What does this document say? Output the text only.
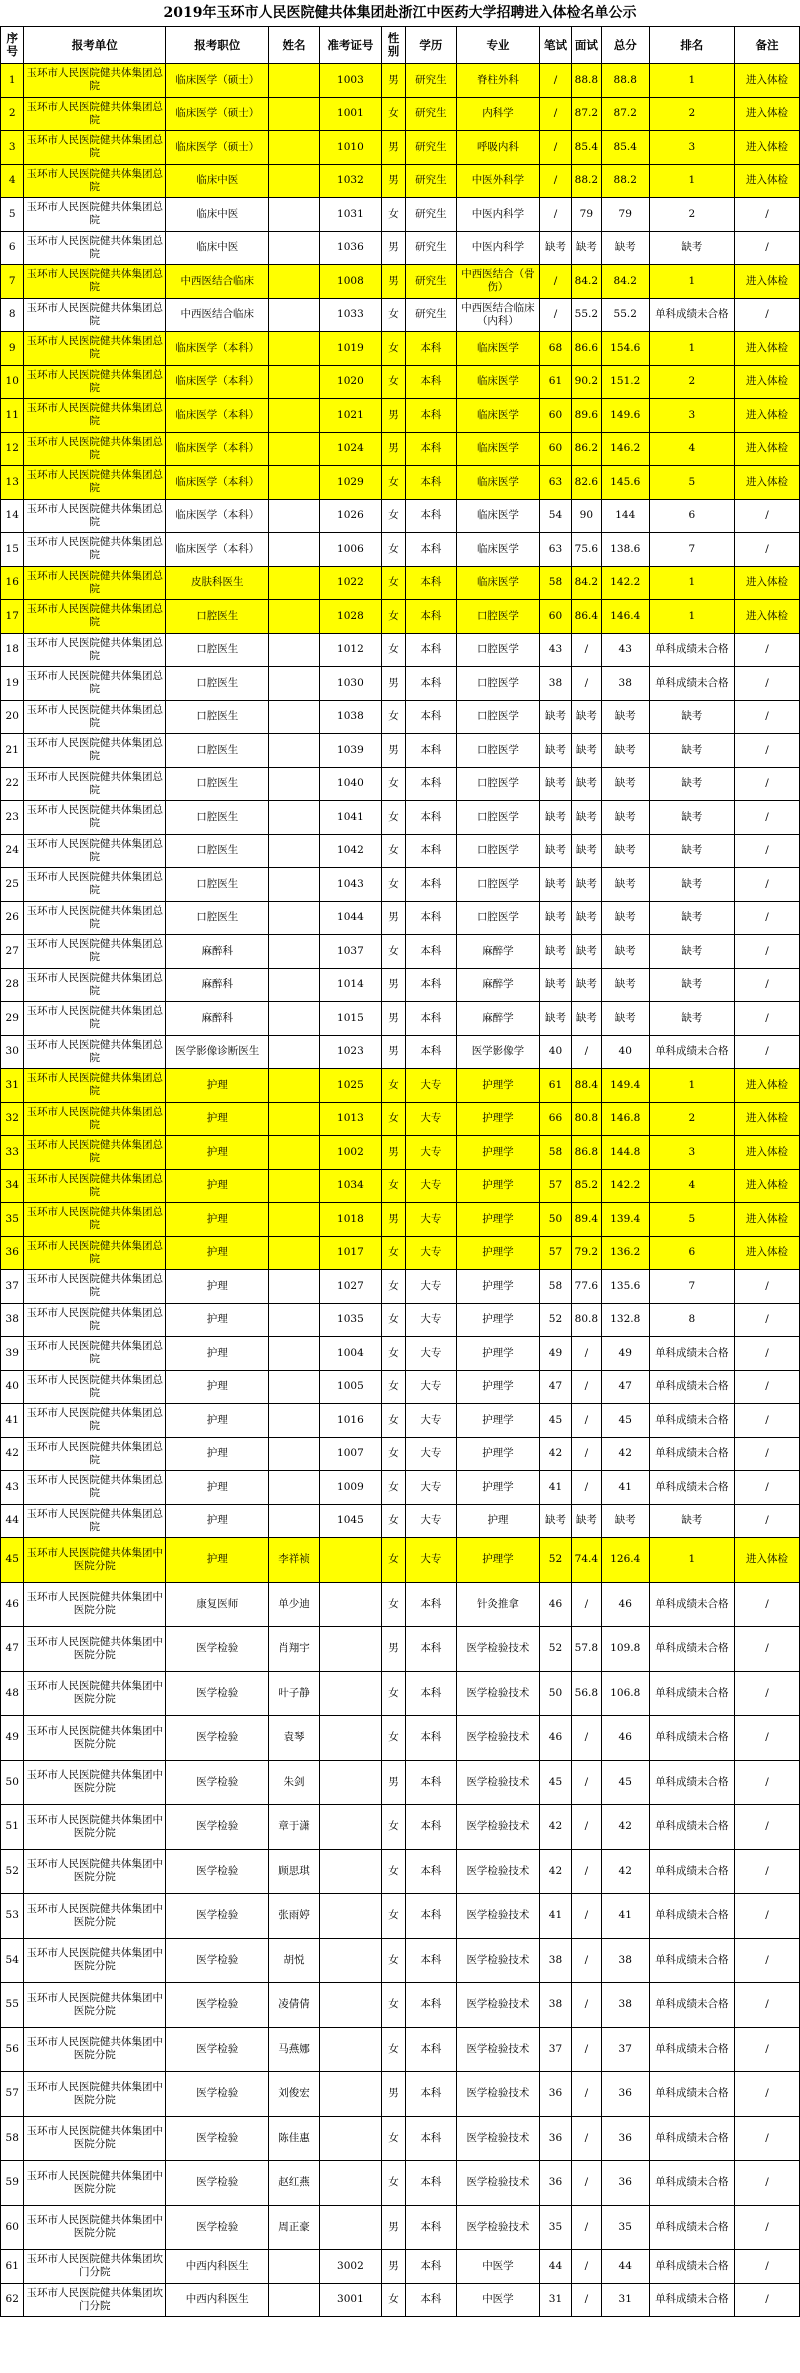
2019年玉环市人民医院健共体集团赴浙江中医药大学招聘进入体检名单公示
序号	报考单位	报考职位	姓名	准考证号	性别	学历	专业	笔试	面试	总分	排名	备注
1	玉环市人民医院健共体集团总院	临床医学（硕士）		1003	男	研究生	脊柱外科	/	88.8	88.8	1	进入体检
2	玉环市人民医院健共体集团总院	临床医学（硕士）		1001	女	研究生	内科学	/	87.2	87.2	2	进入体检
3	玉环市人民医院健共体集团总院	临床医学（硕士）		1010	男	研究生	呼吸内科	/	85.4	85.4	3	进入体检
4	玉环市人民医院健共体集团总院	临床中医		1032	男	研究生	中医外科学	/	88.2	88.2	1	进入体检
5	玉环市人民医院健共体集团总院	临床中医		1031	女	研究生	中医内科学	/	79	79	2	/
6	玉环市人民医院健共体集团总院	临床中医		1036	男	研究生	中医内科学	缺考	缺考	缺考	缺考	/
7	玉环市人民医院健共体集团总院	中西医结合临床		1008	男	研究生	中西医结合（骨伤）	/	84.2	84.2	1	进入体检
8	玉环市人民医院健共体集团总院	中西医结合临床		1033	女	研究生	中西医结合临床（内科）	/	55.2	55.2	单科成绩未合格	/
9	玉环市人民医院健共体集团总院	临床医学（本科）		1019	女	本科	临床医学	68	86.6	154.6	1	进入体检
10	玉环市人民医院健共体集团总院	临床医学（本科）		1020	女	本科	临床医学	61	90.2	151.2	2	进入体检
11	玉环市人民医院健共体集团总院	临床医学（本科）		1021	男	本科	临床医学	60	89.6	149.6	3	进入体检
12	玉环市人民医院健共体集团总院	临床医学（本科）		1024	男	本科	临床医学	60	86.2	146.2	4	进入体检
13	玉环市人民医院健共体集团总院	临床医学（本科）		1029	女	本科	临床医学	63	82.6	145.6	5	进入体检
14	玉环市人民医院健共体集团总院	临床医学（本科）		1026	女	本科	临床医学	54	90	144	6	/
15	玉环市人民医院健共体集团总院	临床医学（本科）		1006	女	本科	临床医学	63	75.6	138.6	7	/
16	玉环市人民医院健共体集团总院	皮肤科医生		1022	女	本科	临床医学	58	84.2	142.2	1	进入体检
17	玉环市人民医院健共体集团总院	口腔医生		1028	女	本科	口腔医学	60	86.4	146.4	1	进入体检
18	玉环市人民医院健共体集团总院	口腔医生		1012	女	本科	口腔医学	43	/	43	单科成绩未合格	/
19	玉环市人民医院健共体集团总院	口腔医生		1030	男	本科	口腔医学	38	/	38	单科成绩未合格	/
20	玉环市人民医院健共体集团总院	口腔医生		1038	女	本科	口腔医学	缺考	缺考	缺考	缺考	/
21	玉环市人民医院健共体集团总院	口腔医生		1039	男	本科	口腔医学	缺考	缺考	缺考	缺考	/
22	玉环市人民医院健共体集团总院	口腔医生		1040	女	本科	口腔医学	缺考	缺考	缺考	缺考	/
23	玉环市人民医院健共体集团总院	口腔医生		1041	女	本科	口腔医学	缺考	缺考	缺考	缺考	/
24	玉环市人民医院健共体集团总院	口腔医生		1042	女	本科	口腔医学	缺考	缺考	缺考	缺考	/
25	玉环市人民医院健共体集团总院	口腔医生		1043	女	本科	口腔医学	缺考	缺考	缺考	缺考	/
26	玉环市人民医院健共体集团总院	口腔医生		1044	男	本科	口腔医学	缺考	缺考	缺考	缺考	/
27	玉环市人民医院健共体集团总院	麻醉科		1037	女	本科	麻醉学	缺考	缺考	缺考	缺考	/
28	玉环市人民医院健共体集团总院	麻醉科		1014	男	本科	麻醉学	缺考	缺考	缺考	缺考	/
29	玉环市人民医院健共体集团总院	麻醉科		1015	男	本科	麻醉学	缺考	缺考	缺考	缺考	/
30	玉环市人民医院健共体集团总院	医学影像诊断医生		1023	男	本科	医学影像学	40	/	40	单科成绩未合格	/
31	玉环市人民医院健共体集团总院	护理		1025	女	大专	护理学	61	88.4	149.4	1	进入体检
32	玉环市人民医院健共体集团总院	护理		1013	女	大专	护理学	66	80.8	146.8	2	进入体检
33	玉环市人民医院健共体集团总院	护理		1002	男	大专	护理学	58	86.8	144.8	3	进入体检
34	玉环市人民医院健共体集团总院	护理		1034	女	大专	护理学	57	85.2	142.2	4	进入体检
35	玉环市人民医院健共体集团总院	护理		1018	男	大专	护理学	50	89.4	139.4	5	进入体检
36	玉环市人民医院健共体集团总院	护理		1017	女	大专	护理学	57	79.2	136.2	6	进入体检
37	玉环市人民医院健共体集团总院	护理		1027	女	大专	护理学	58	77.6	135.6	7	/
38	玉环市人民医院健共体集团总院	护理		1035	女	大专	护理学	52	80.8	132.8	8	/
39	玉环市人民医院健共体集团总院	护理		1004	女	大专	护理学	49	/	49	单科成绩未合格	/
40	玉环市人民医院健共体集团总院	护理		1005	女	大专	护理学	47	/	47	单科成绩未合格	/
41	玉环市人民医院健共体集团总院	护理		1016	女	大专	护理学	45	/	45	单科成绩未合格	/
42	玉环市人民医院健共体集团总院	护理		1007	女	大专	护理学	42	/	42	单科成绩未合格	/
43	玉环市人民医院健共体集团总院	护理		1009	女	大专	护理学	41	/	41	单科成绩未合格	/
44	玉环市人民医院健共体集团总院	护理		1045	女	大专	护理	缺考	缺考	缺考	缺考	/
45	玉环市人民医院健共体集团中医院分院	护理	李祥祯		女	大专	护理学	52	74.4	126.4	1	进入体检
46	玉环市人民医院健共体集团中医院分院	康复医师	单少迪		女	本科	针灸推拿	46	/	46	单科成绩未合格	/
47	玉环市人民医院健共体集团中医院分院	医学检验	肖翔宇		男	本科	医学检验技术	52	57.8	109.8	单科成绩未合格	/
48	玉环市人民医院健共体集团中医院分院	医学检验	叶子静		女	本科	医学检验技术	50	56.8	106.8	单科成绩未合格	/
49	玉环市人民医院健共体集团中医院分院	医学检验	袁琴		女	本科	医学检验技术	46	/	46	单科成绩未合格	/
50	玉环市人民医院健共体集团中医院分院	医学检验	朱剑		男	本科	医学检验技术	45	/	45	单科成绩未合格	/
51	玉环市人民医院健共体集团中医院分院	医学检验	章于潇		女	本科	医学检验技术	42	/	42	单科成绩未合格	/
52	玉环市人民医院健共体集团中医院分院	医学检验	顾思琪		女	本科	医学检验技术	42	/	42	单科成绩未合格	/
53	玉环市人民医院健共体集团中医院分院	医学检验	张雨婷		女	本科	医学检验技术	41	/	41	单科成绩未合格	/
54	玉环市人民医院健共体集团中医院分院	医学检验	胡悦		女	本科	医学检验技术	38	/	38	单科成绩未合格	/
55	玉环市人民医院健共体集团中医院分院	医学检验	凌倩倩		女	本科	医学检验技术	38	/	38	单科成绩未合格	/
56	玉环市人民医院健共体集团中医院分院	医学检验	马燕娜		女	本科	医学检验技术	37	/	37	单科成绩未合格	/
57	玉环市人民医院健共体集团中医院分院	医学检验	刘俊宏		男	本科	医学检验技术	36	/	36	单科成绩未合格	/
58	玉环市人民医院健共体集团中医院分院	医学检验	陈佳惠		女	本科	医学检验技术	36	/	36	单科成绩未合格	/
59	玉环市人民医院健共体集团中医院分院	医学检验	赵红燕		女	本科	医学检验技术	36	/	36	单科成绩未合格	/
60	玉环市人民医院健共体集团中医院分院	医学检验	周正豪		男	本科	医学检验技术	35	/	35	单科成绩未合格	/
61	玉环市人民医院健共体集团坎门分院	中西内科医生		3002	男	本科	中医学	44	/	44	单科成绩未合格	/
62	玉环市人民医院健共体集团坎门分院	中西内科医生		3001	女	本科	中医学	31	/	31	单科成绩未合格	/
